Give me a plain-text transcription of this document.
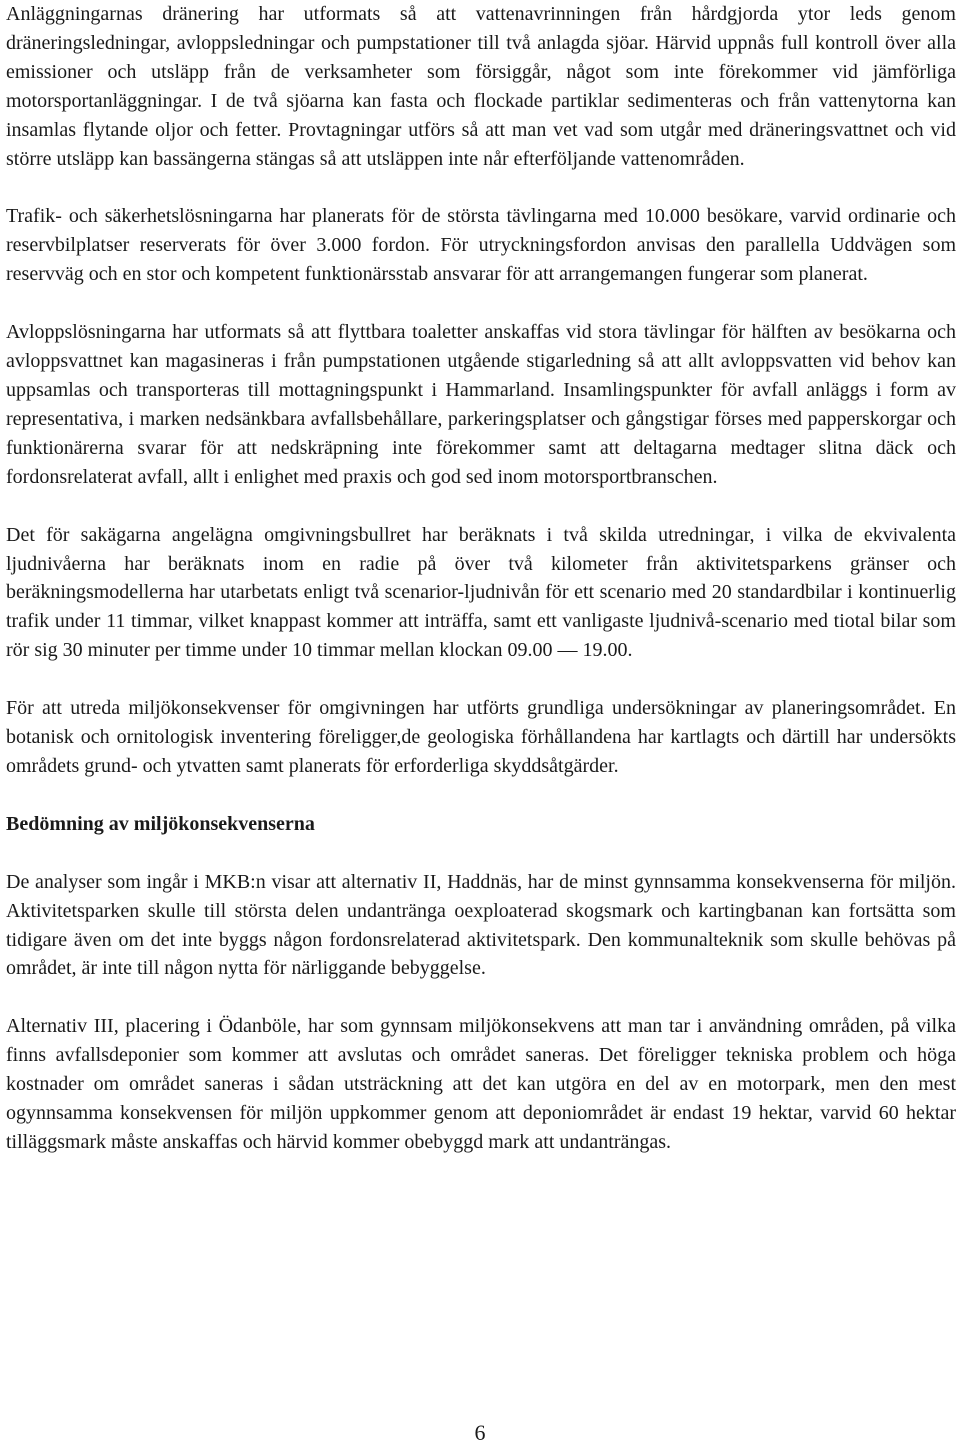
Anläggningarnas dränering har utformats så att vattenavrinningen från hårdgjorda ytor leds genom dräneringsledningar, avloppsledningar och pumpstationer till två anlagda sjöar. Härvid uppnås full kontroll över alla emissioner och utsläpp från de verksamheter som försiggår, något som inte förekommer vid jämförliga motorsportanläggningar. I de två sjöarna kan fasta och flockade partiklar sedimenteras och från vattenytorna kan insamlas flytande oljor och fetter. Provtagningar utförs så att man vet vad som utgår med dräneringsvattnet och vid större utsläpp kan bassängerna stängas så att utsläppen inte når efterföljande vattenområden.

Trafik- och säkerhetslösningarna har planerats för de största tävlingarna med 10.000 besökare, varvid ordinarie och reservbilplatser reserverats för över 3.000 fordon. För utryckningsfordon anvisas den parallella Uddvägen som reservväg och en stor och kompetent funktionärsstab ansvarar för att arrangemangen fungerar som planerat.

Avloppslösningarna har utformats så att flyttbara toaletter anskaffas vid stora tävlingar för hälften av besökarna och avloppsvattnet kan magasineras i från pumpstationen utgående stigarledning så att allt avloppsvatten vid behov kan uppsamlas och transporteras till mottagningspunkt i Hammarland. Insamlingspunkter för avfall anläggs i form av representativa, i marken nedsänkbara avfallsbehållare, parkeringsplatser och gångstigar förses med papperskorgar och funktionärerna svarar för att nedskräpning inte förekommer samt att deltagarna medtager slitna däck och fordonsrelaterat avfall, allt i enlighet med praxis och god sed inom motorsportbranschen.

Det för sakägarna angelägna omgivningsbullret har beräknats i två skilda utredningar, i vilka de ekvivalenta ljudnivåerna har beräknats inom en radie på över två kilometer från aktivitetsparkens gränser och beräkningsmodellerna har utarbetats enligt två scenarior-ljudnivån för ett scenario med 20 standardbilar i kontinuerlig trafik under 11 timmar, vilket knappast kommer att inträffa, samt ett vanligaste ljudnivå-scenario med tiotal bilar som rör sig 30 minuter per timme under 10 timmar mellan klockan 09.00 — 19.00.

För att utreda miljökonsekvenser för omgivningen har utförts grundliga undersökningar av planeringsområdet. En botanisk och ornitologisk inventering föreligger,de geologiska förhållandena har kartlagts och därtill har undersökts områdets grund- och ytvatten samt planerats för erforderliga skyddsåtgärder.

Bedömning av miljökonsekvenserna

De analyser som ingår i MKB:n visar att alternativ II, Haddnäs, har de minst gynnsamma konsekvenserna för miljön. Aktivitetsparken skulle till största delen undantränga oexploaterad skogsmark och kartingbanan kan fortsätta som tidigare även om det inte byggs någon fordonsrelaterad aktivitetspark. Den kommunalteknik som skulle behövas på området, är inte till någon nytta för närliggande bebyggelse.

Alternativ III, placering i Ödanböle, har som gynnsam miljökonsekvens att man tar i användning områden, på vilka finns avfallsdeponier som kommer att avslutas och området saneras. Det föreligger tekniska problem och höga kostnader om området saneras i sådan utsträckning att det kan utgöra en del av en motorpark, men den mest ogynnsamma konsekvensen för miljön uppkommer genom att deponiområdet är endast 19 hektar, varvid 60 hektar tilläggsmark måste anskaffas och härvid kommer obebyggd mark att undanträngas.

6
